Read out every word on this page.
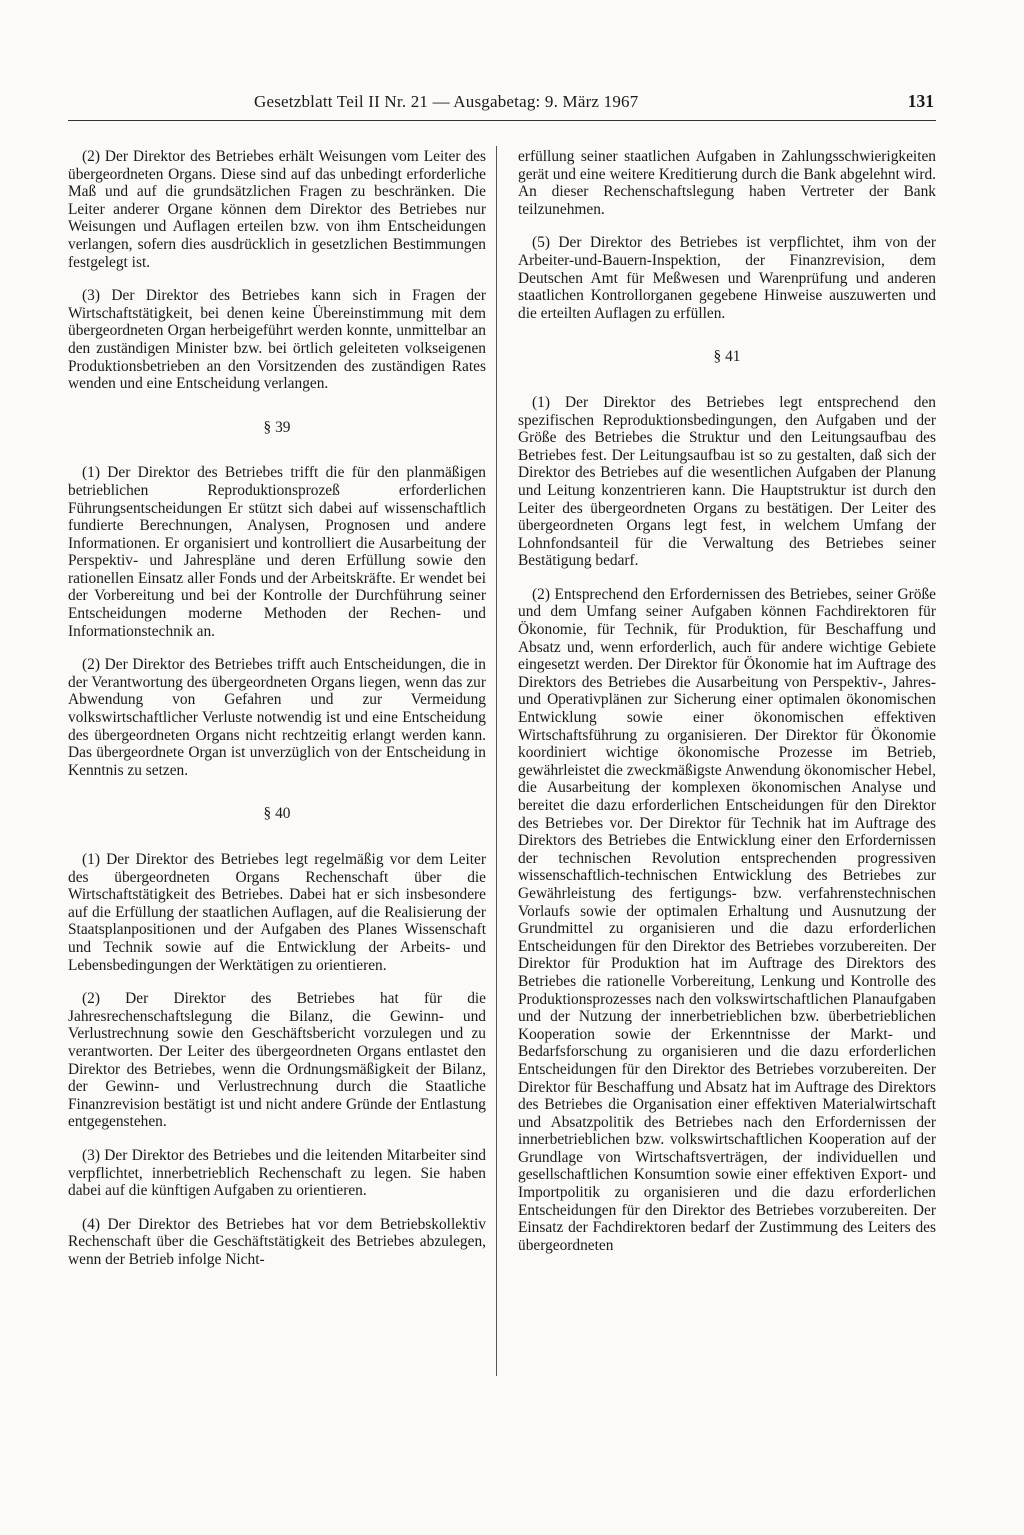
Gesetzblatt Teil II Nr. 21 — Ausgabetag: 9. März 1967	131

(2) Der Direktor des Betriebes erhält Weisungen vom Leiter des übergeordneten Organs. Diese sind auf das unbedingt erforderliche Maß und auf die grundsätzlichen Fragen zu beschränken. Die Leiter anderer Organe können dem Direktor des Betriebes nur Weisungen und Auflagen erteilen bzw. von ihm Entscheidungen verlangen, sofern dies ausdrücklich in gesetzlichen Bestimmungen festgelegt ist.

(3) Der Direktor des Betriebes kann sich in Fragen der Wirtschaftstätigkeit, bei denen keine Übereinstimmung mit dem übergeordneten Organ herbeigeführt werden konnte, unmittelbar an den zuständigen Minister bzw. bei örtlich geleiteten volkseigenen Produktionsbetrieben an den Vorsitzenden des zuständigen Rates wenden und eine Entscheidung verlangen.

§ 39

(1) Der Direktor des Betriebes trifft die für den planmäßigen betrieblichen Reproduktionsprozeß erforderlichen Führungsentscheidungen Er stützt sich dabei auf wissenschaftlich fundierte Berechnungen, Analysen, Prognosen und andere Informationen. Er organisiert und kontrolliert die Ausarbeitung der Perspektiv- und Jahrespläne und deren Erfüllung sowie den rationellen Einsatz aller Fonds und der Arbeitskräfte. Er wendet bei der Vorbereitung und bei der Kontrolle der Durchführung seiner Entscheidungen moderne Methoden der Rechen- und Informationstechnik an.

(2) Der Direktor des Betriebes trifft auch Entscheidungen, die in der Verantwortung des übergeordneten Organs liegen, wenn das zur Abwendung von Gefahren und zur Vermeidung volkswirtschaftlicher Verluste notwendig ist und eine Entscheidung des übergeordneten Organs nicht rechtzeitig erlangt werden kann. Das übergeordnete Organ ist unverzüglich von der Entscheidung in Kenntnis zu setzen.

§ 40

(1) Der Direktor des Betriebes legt regelmäßig vor dem Leiter des übergeordneten Organs Rechenschaft über die Wirtschaftstätigkeit des Betriebes. Dabei hat er sich insbesondere auf die Erfüllung der staatlichen Auflagen, auf die Realisierung der Staatsplanpositionen und der Aufgaben des Planes Wissenschaft und Technik sowie auf die Entwicklung der Arbeits- und Lebensbedingungen der Werktätigen zu orientieren.

(2) Der Direktor des Betriebes hat für die Jahresrechenschaftslegung die Bilanz, die Gewinn- und Verlustrechnung sowie den Geschäftsbericht vorzulegen und zu verantworten. Der Leiter des übergeordneten Organs entlastet den Direktor des Betriebes, wenn die Ordnungsmäßigkeit der Bilanz, der Gewinn- und Verlustrechnung durch die Staatliche Finanzrevision bestätigt ist und nicht andere Gründe der Entlastung entgegenstehen.

(3) Der Direktor des Betriebes und die leitenden Mitarbeiter sind verpflichtet, innerbetrieblich Rechenschaft zu legen. Sie haben dabei auf die künftigen Aufgaben zu orientieren.

(4) Der Direktor des Betriebes hat vor dem Betriebskollektiv Rechenschaft über die Geschäftstätigkeit des Betriebes abzulegen, wenn der Betrieb infolge Nicht-

erfüllung seiner staatlichen Aufgaben in Zahlungsschwierigkeiten gerät und eine weitere Kreditierung durch die Bank abgelehnt wird. An dieser Rechenschaftslegung haben Vertreter der Bank teilzunehmen.

(5) Der Direktor des Betriebes ist verpflichtet, ihm von der Arbeiter-und-Bauern-Inspektion, der Finanzrevision, dem Deutschen Amt für Meßwesen und Warenprüfung und anderen staatlichen Kontrollorganen gegebene Hinweise auszuwerten und die erteilten Auflagen zu erfüllen.

§ 41

(1) Der Direktor des Betriebes legt entsprechend den spezifischen Reproduktionsbedingungen, den Aufgaben und der Größe des Betriebes die Struktur und den Leitungsaufbau des Betriebes fest. Der Leitungsaufbau ist so zu gestalten, daß sich der Direktor des Betriebes auf die wesentlichen Aufgaben der Planung und Leitung konzentrieren kann. Die Hauptstruktur ist durch den Leiter des übergeordneten Organs zu bestätigen. Der Leiter des übergeordneten Organs legt fest, in welchem Umfang der Lohnfondsanteil für die Verwaltung des Betriebes seiner Bestätigung bedarf.

(2) Entsprechend den Erfordernissen des Betriebes, seiner Größe und dem Umfang seiner Aufgaben können Fachdirektoren für Ökonomie, für Technik, für Produktion, für Beschaffung und Absatz und, wenn erforderlich, auch für andere wichtige Gebiete eingesetzt werden. Der Direktor für Ökonomie hat im Auftrage des Direktors des Betriebes die Ausarbeitung von Perspektiv-, Jahres- und Operativplänen zur Sicherung einer optimalen ökonomischen Entwicklung sowie einer ökonomischen effektiven Wirtschaftsführung zu organisieren. Der Direktor für Ökonomie koordiniert wichtige ökonomische Prozesse im Betrieb, gewährleistet die zweckmäßigste Anwendung ökonomischer Hebel, die Ausarbeitung der komplexen ökonomischen Analyse und bereitet die dazu erforderlichen Entscheidungen für den Direktor des Betriebes vor. Der Direktor für Technik hat im Auftrage des Direktors des Betriebes die Entwicklung einer den Erfordernissen der technischen Revolution entsprechenden progressiven wissenschaftlich-technischen Entwicklung des Betriebes zur Gewährleistung des fertigungs- bzw. verfahrenstechnischen Vorlaufs sowie der optimalen Erhaltung und Ausnutzung der Grundmittel zu organisieren und die dazu erforderlichen Entscheidungen für den Direktor des Betriebes vorzubereiten. Der Direktor für Produktion hat im Auftrage des Direktors des Betriebes die rationelle Vorbereitung, Lenkung und Kontrolle des Produktionsprozesses nach den volkswirtschaftlichen Planaufgaben und der Nutzung der innerbetrieblichen bzw. überbetrieblichen Kooperation sowie der Erkenntnisse der Markt- und Bedarfsforschung zu organisieren und die dazu erforderlichen Entscheidungen für den Direktor des Betriebes vorzubereiten. Der Direktor für Beschaffung und Absatz hat im Auftrage des Direktors des Betriebes die Organisation einer effektiven Materialwirtschaft und Absatzpolitik des Betriebes nach den Erfordernissen der innerbetrieblichen bzw. volkswirtschaftlichen Kooperation auf der Grundlage von Wirtschaftsverträgen, der individuellen und gesellschaftlichen Konsumtion sowie einer effektiven Export- und Importpolitik zu organisieren und die dazu erforderlichen Entscheidungen für den Direktor des Betriebes vorzubereiten. Der Einsatz der Fachdirektoren bedarf der Zustimmung des Leiters des übergeordneten
